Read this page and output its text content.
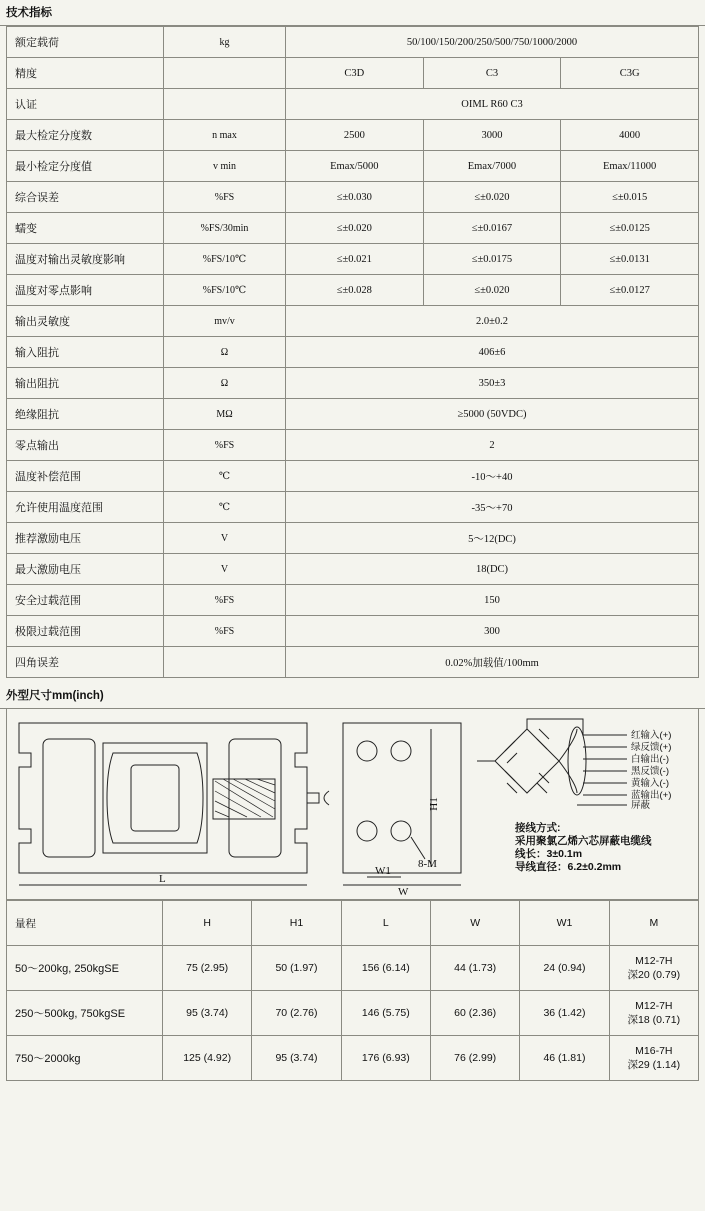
技术指标
额定载荷	kg	50/100/150/200/250/500/750/1000/2000		
精度		C3D	C3	C3G
认证		OIML R60 C3		
最大检定分度数	n max	2500	3000	4000
最小检定分度值	v min	Emax/5000	Emax/7000	Emax/11000
综合误差	%FS	≤±0.030	≤±0.020	≤±0.015
蠕变	%FS/30min	≤±0.020	≤±0.0167	≤±0.0125
温度对输出灵敏度影响	%FS/10℃	≤±0.021	≤±0.0175	≤±0.0131
温度对零点影响	%FS/10℃	≤±0.028	≤±0.020	≤±0.0127
输出灵敏度	mv/v	2.0±0.2		
输入阻抗	Ω	406±6		
输出阻抗	Ω	350±3		
绝缘阻抗	MΩ	≥5000 (50VDC)		
零点输出	%FS	2		
温度补偿范围	℃	-10～+40		
允许使用温度范围	℃	-35～+70		
推荐激励电压	V	5～12(DC)		
最大激励电压	V	18(DC)		
安全过载范围	%FS	150		
极限过载范围	%FS	300		
四角误差		0.02%加载值/100mm		
外型尺寸mm(inch)
L
W
W1
H1
8-M
红输入(+)
绿反馈(+)
白输出(-)
黑反馈(-)
黄输入(-)
蓝输出(+)
屏蔽
接线方式:
采用聚氯乙烯六芯屏蔽电缆线
线长：3±0.1m
导线直径：6.2±0.2mm
量程	H	H1	L	W	W1	M
50～200kg, 250kgSE	75 (2.95)	50 (1.97)	156 (6.14)	44 (1.73)	24 (0.94)	M12-7H
深20 (0.79)

250～500kg, 750kgSE	95 (3.74)	70 (2.76)	146 (5.75)	60 (2.36)	36 (1.42)	M12-7H
深18 (0.71)

750～2000kg	125 (4.92)	95 (3.74)	176 (6.93)	76 (2.99)	46 (1.81)	M16-7H
深29 (1.14)
